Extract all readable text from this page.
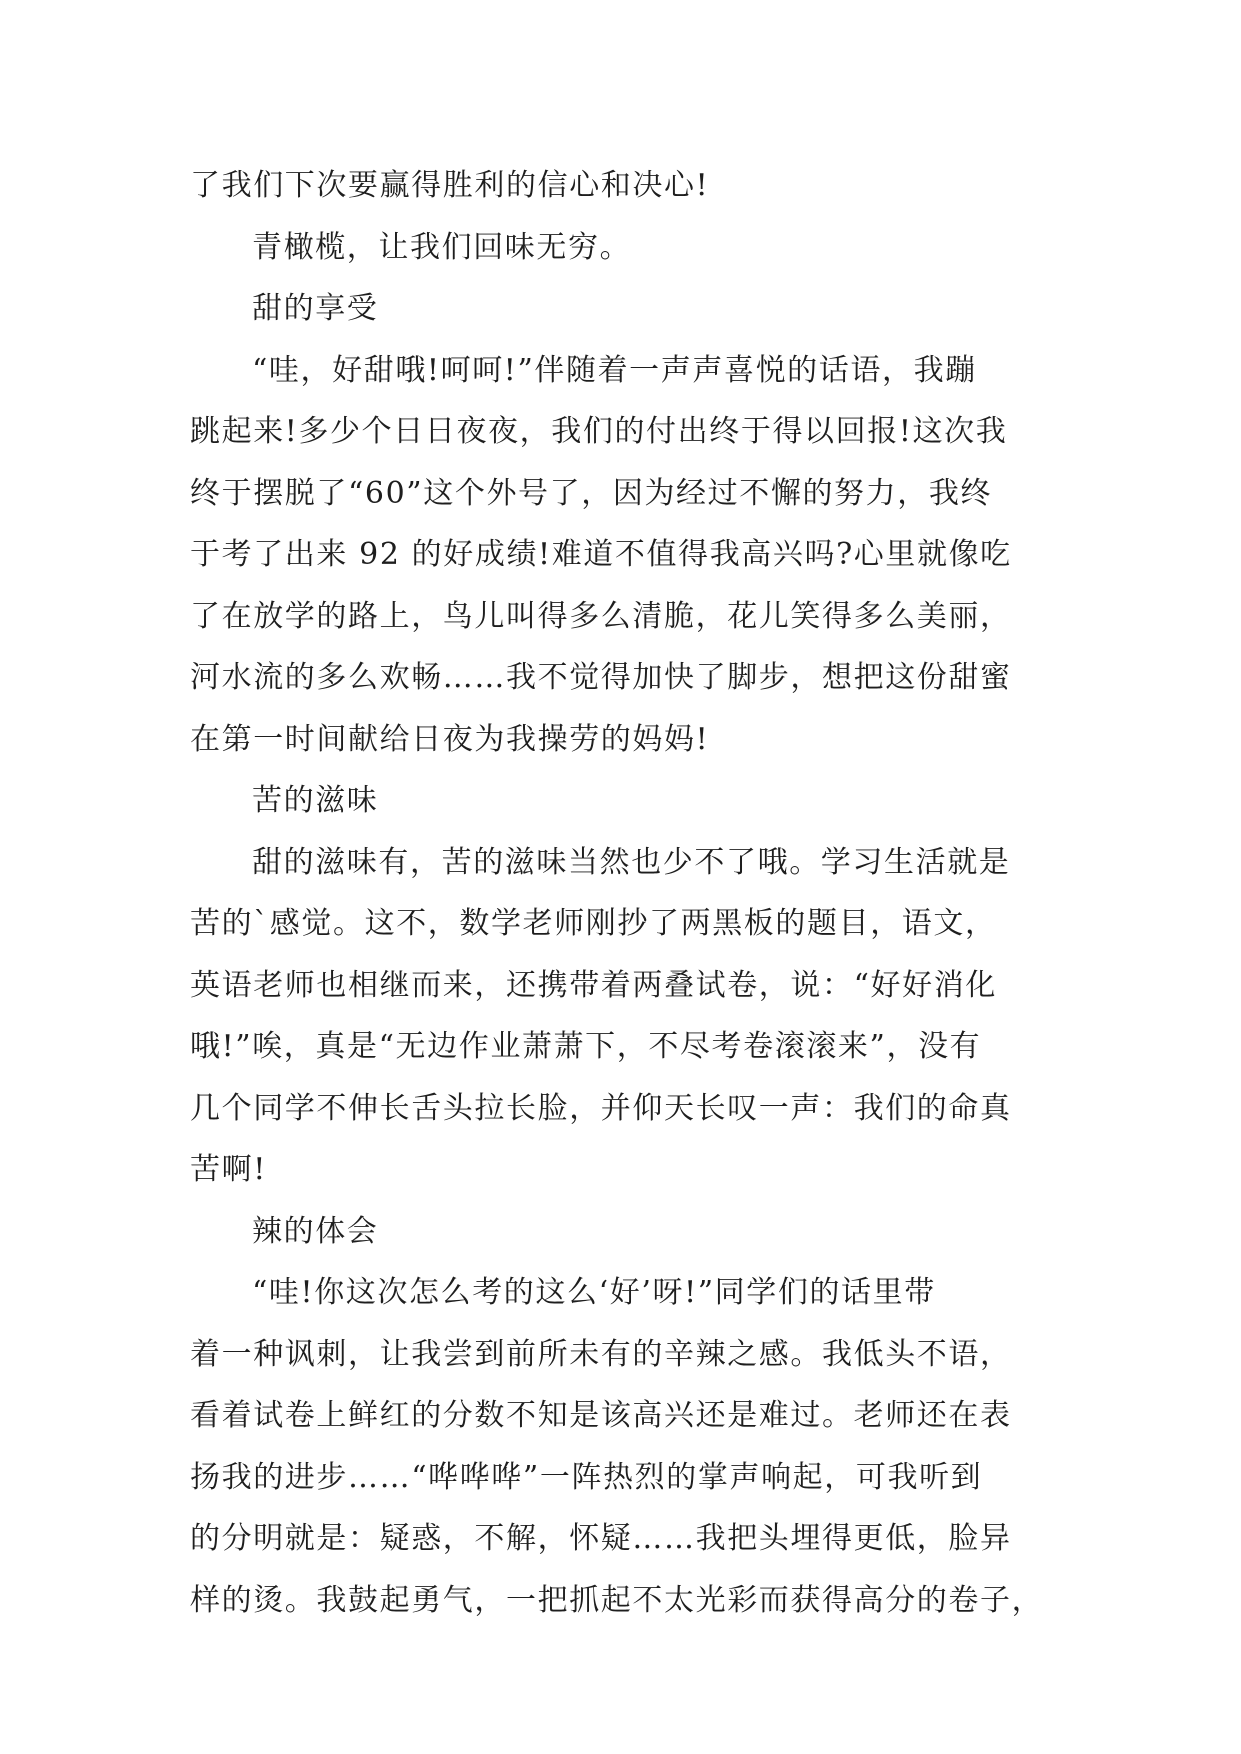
了我们下次要赢得胜利的信心和决心!
青橄榄，让我们回味无穷。
甜的享受
“哇，好甜哦!呵呵!”伴随着一声声喜悦的话语，我蹦
跳起来!多少个日日夜夜，我们的付出终于得以回报!这次我
终于摆脱了“60”这个外号了，因为经过不懈的努力，我终
于考了出来 92 的好成绩!难道不值得我高兴吗?心里就像吃
了在放学的路上，鸟儿叫得多么清脆，花儿笑得多么美丽，
河水流的多么欢畅……我不觉得加快了脚步，想把这份甜蜜
在第一时间献给日夜为我操劳的妈妈!
苦的滋味
甜的滋味有，苦的滋味当然也少不了哦。学习生活就是
苦的`感觉。这不，数学老师刚抄了两黑板的题目，语文，
英语老师也相继而来，还携带着两叠试卷，说：“好好消化
哦!”唉，真是“无边作业萧萧下，不尽考卷滚滚来”，没有
几个同学不伸长舌头拉长脸，并仰天长叹一声：我们的命真
苦啊!
辣的体会
“哇!你这次怎么考的这么‘好’呀!”同学们的话里带
着一种讽刺，让我尝到前所未有的辛辣之感。我低头不语，
看着试卷上鲜红的分数不知是该高兴还是难过。老师还在表
扬我的进步……“哗哗哗”一阵热烈的掌声响起，可我听到
的分明就是：疑惑，不解，怀疑……我把头埋得更低，脸异
样的烫。我鼓起勇气，一把抓起不太光彩而获得高分的卷子，
